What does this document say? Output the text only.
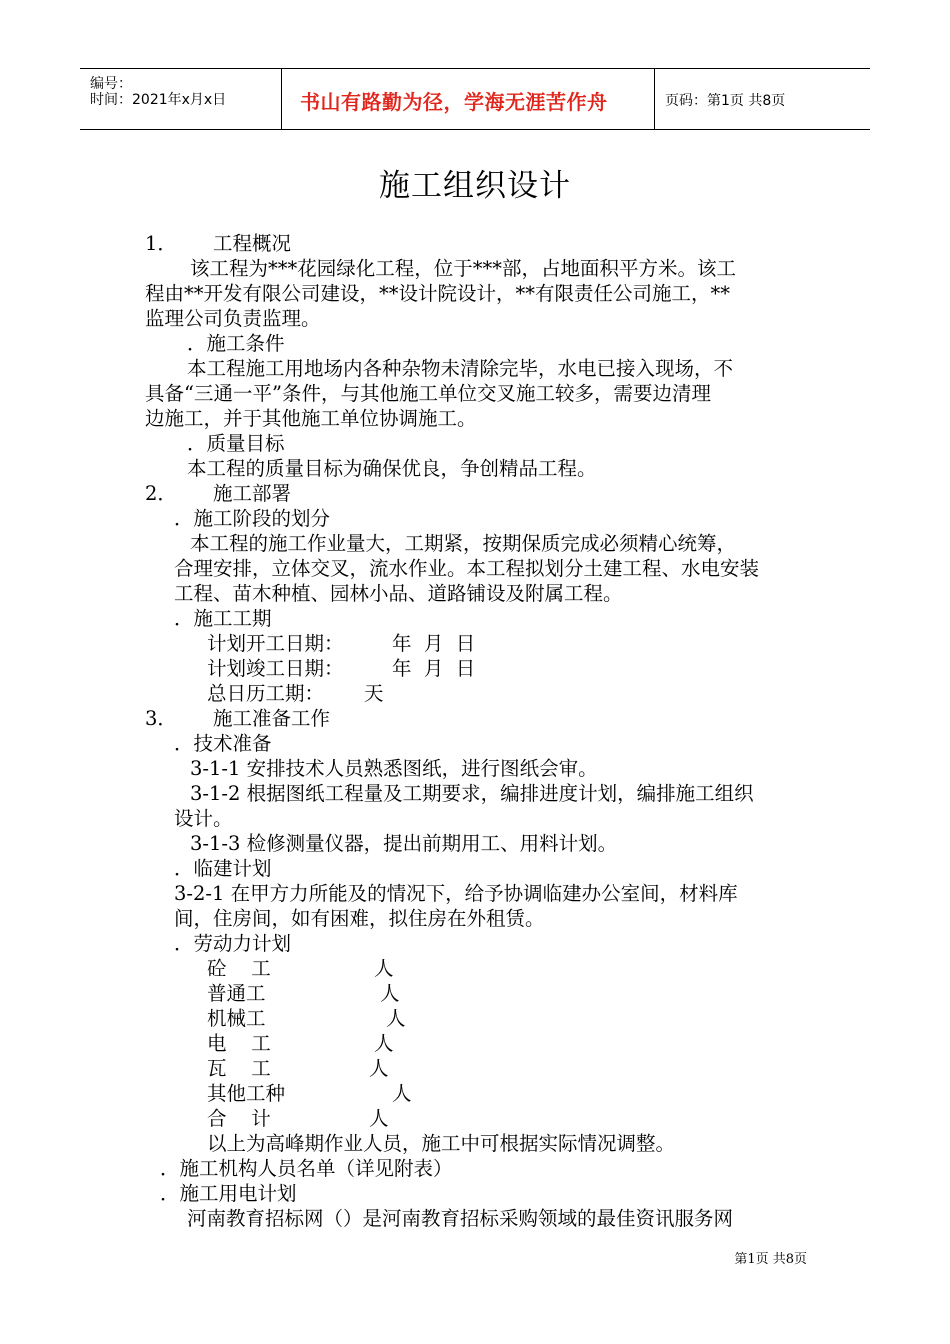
编号：
时间：2021年x月x日	书山有路勤为径，学海无涯苦作舟	页码：第1页 共8页
施工组织设计
1． 工程概况
该工程为***花园绿化工程，位于***部，占地面积平方米。该工
程由**开发有限公司建设，**设计院设计，**有限责任公司施工，**
监理公司负责监理。
．施工条件
本工程施工用地场内各种杂物未清除完毕，水电已接入现场，不
具备“三通一平”条件，与其他施工单位交叉施工较多，需要边清理
边施工，并于其他施工单位协调施工。
．质量目标
本工程的质量目标为确保优良，争创精品工程。
2． 施工部署
．施工阶段的划分
本工程的施工作业量大，工期紧，按期保质完成必须精心统筹，
合理安排，立体交叉，流水作业。本工程拟划分土建工程、水电安装
工程、苗木种植、园林小品、道路铺设及附属工程。
．施工工期
计划开工日期： 年  月  日
计划竣工日期： 年  月  日
总日历工期： 天
3． 施工准备工作
．技术准备
3-1-1 安排技术人员熟悉图纸，进行图纸会审。
3-1-2 根据图纸工程量及工期要求，编排进度计划，编排施工组织
设计。
3-1-3 检修测量仪器，提出前期用工、用料计划。
．临建计划
3-2-1 在甲方力所能及的情况下，给予协调临建办公室间，材料库
间，住房间，如有困难，拟住房在外租赁。
．劳动力计划
砼    工	人
普通工	人
机械工	人
电    工	人
瓦    工	人
其他工种	人
合    计	人
以上为高峰期作业人员，施工中可根据实际情况调整。
．施工机构人员名单（详见附表）
．施工用电计划
河南教育招标网（）是河南教育招标采购领域的最佳资讯服务网
第1页 共8页
